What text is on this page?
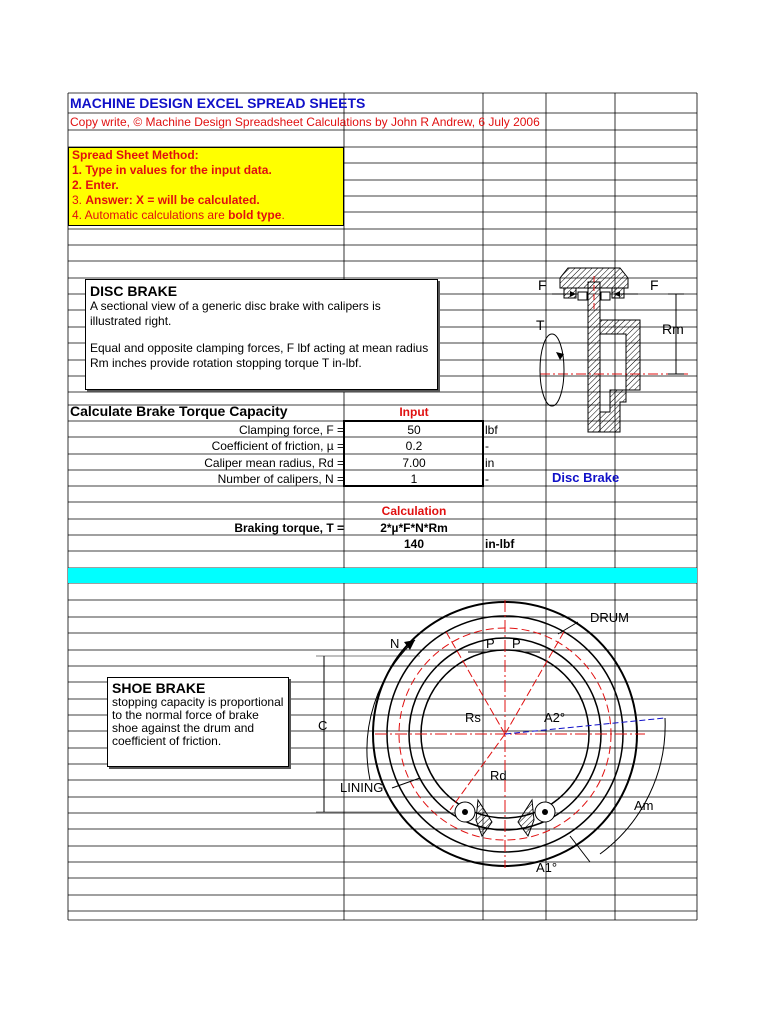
MACHINE DESIGN EXCEL SPREAD SHEETS
Copy write, © Machine Design Spreadsheet Calculations by John R Andrew, 6 July 2006
Spread Sheet Method:
1. Type in values for the input data.
2. Enter.
3. Answer: X = will be calculated.
4. Automatic calculations are bold type.

DISC BRAKE

A sectional view of a generic disc brake with calipers is illustrated right.

Equal and opposite clamping forces, F lbf acting at mean radius Rm inches provide rotation stopping torque T in-lbf.

F	F
T	Rm
Disc Brake
Calculate Brake Torque Capacity	Input
Clamping force, F =	50	lbf
Coefficient of friction, µ =	0.2	-
Caliper mean radius, Rd =	7.00	in
Number of calipers, N =	1	-
Calculation
Braking torque, T =	2*µ*F*N*Rm
140	in-lbf

SHOE BRAKE

stopping capacity is proportional to the normal force of brake shoe against the drum and coefficient of friction.

P P
N
C
DRUM
Rs	A2°
Rd
LINING
Am
A1°
